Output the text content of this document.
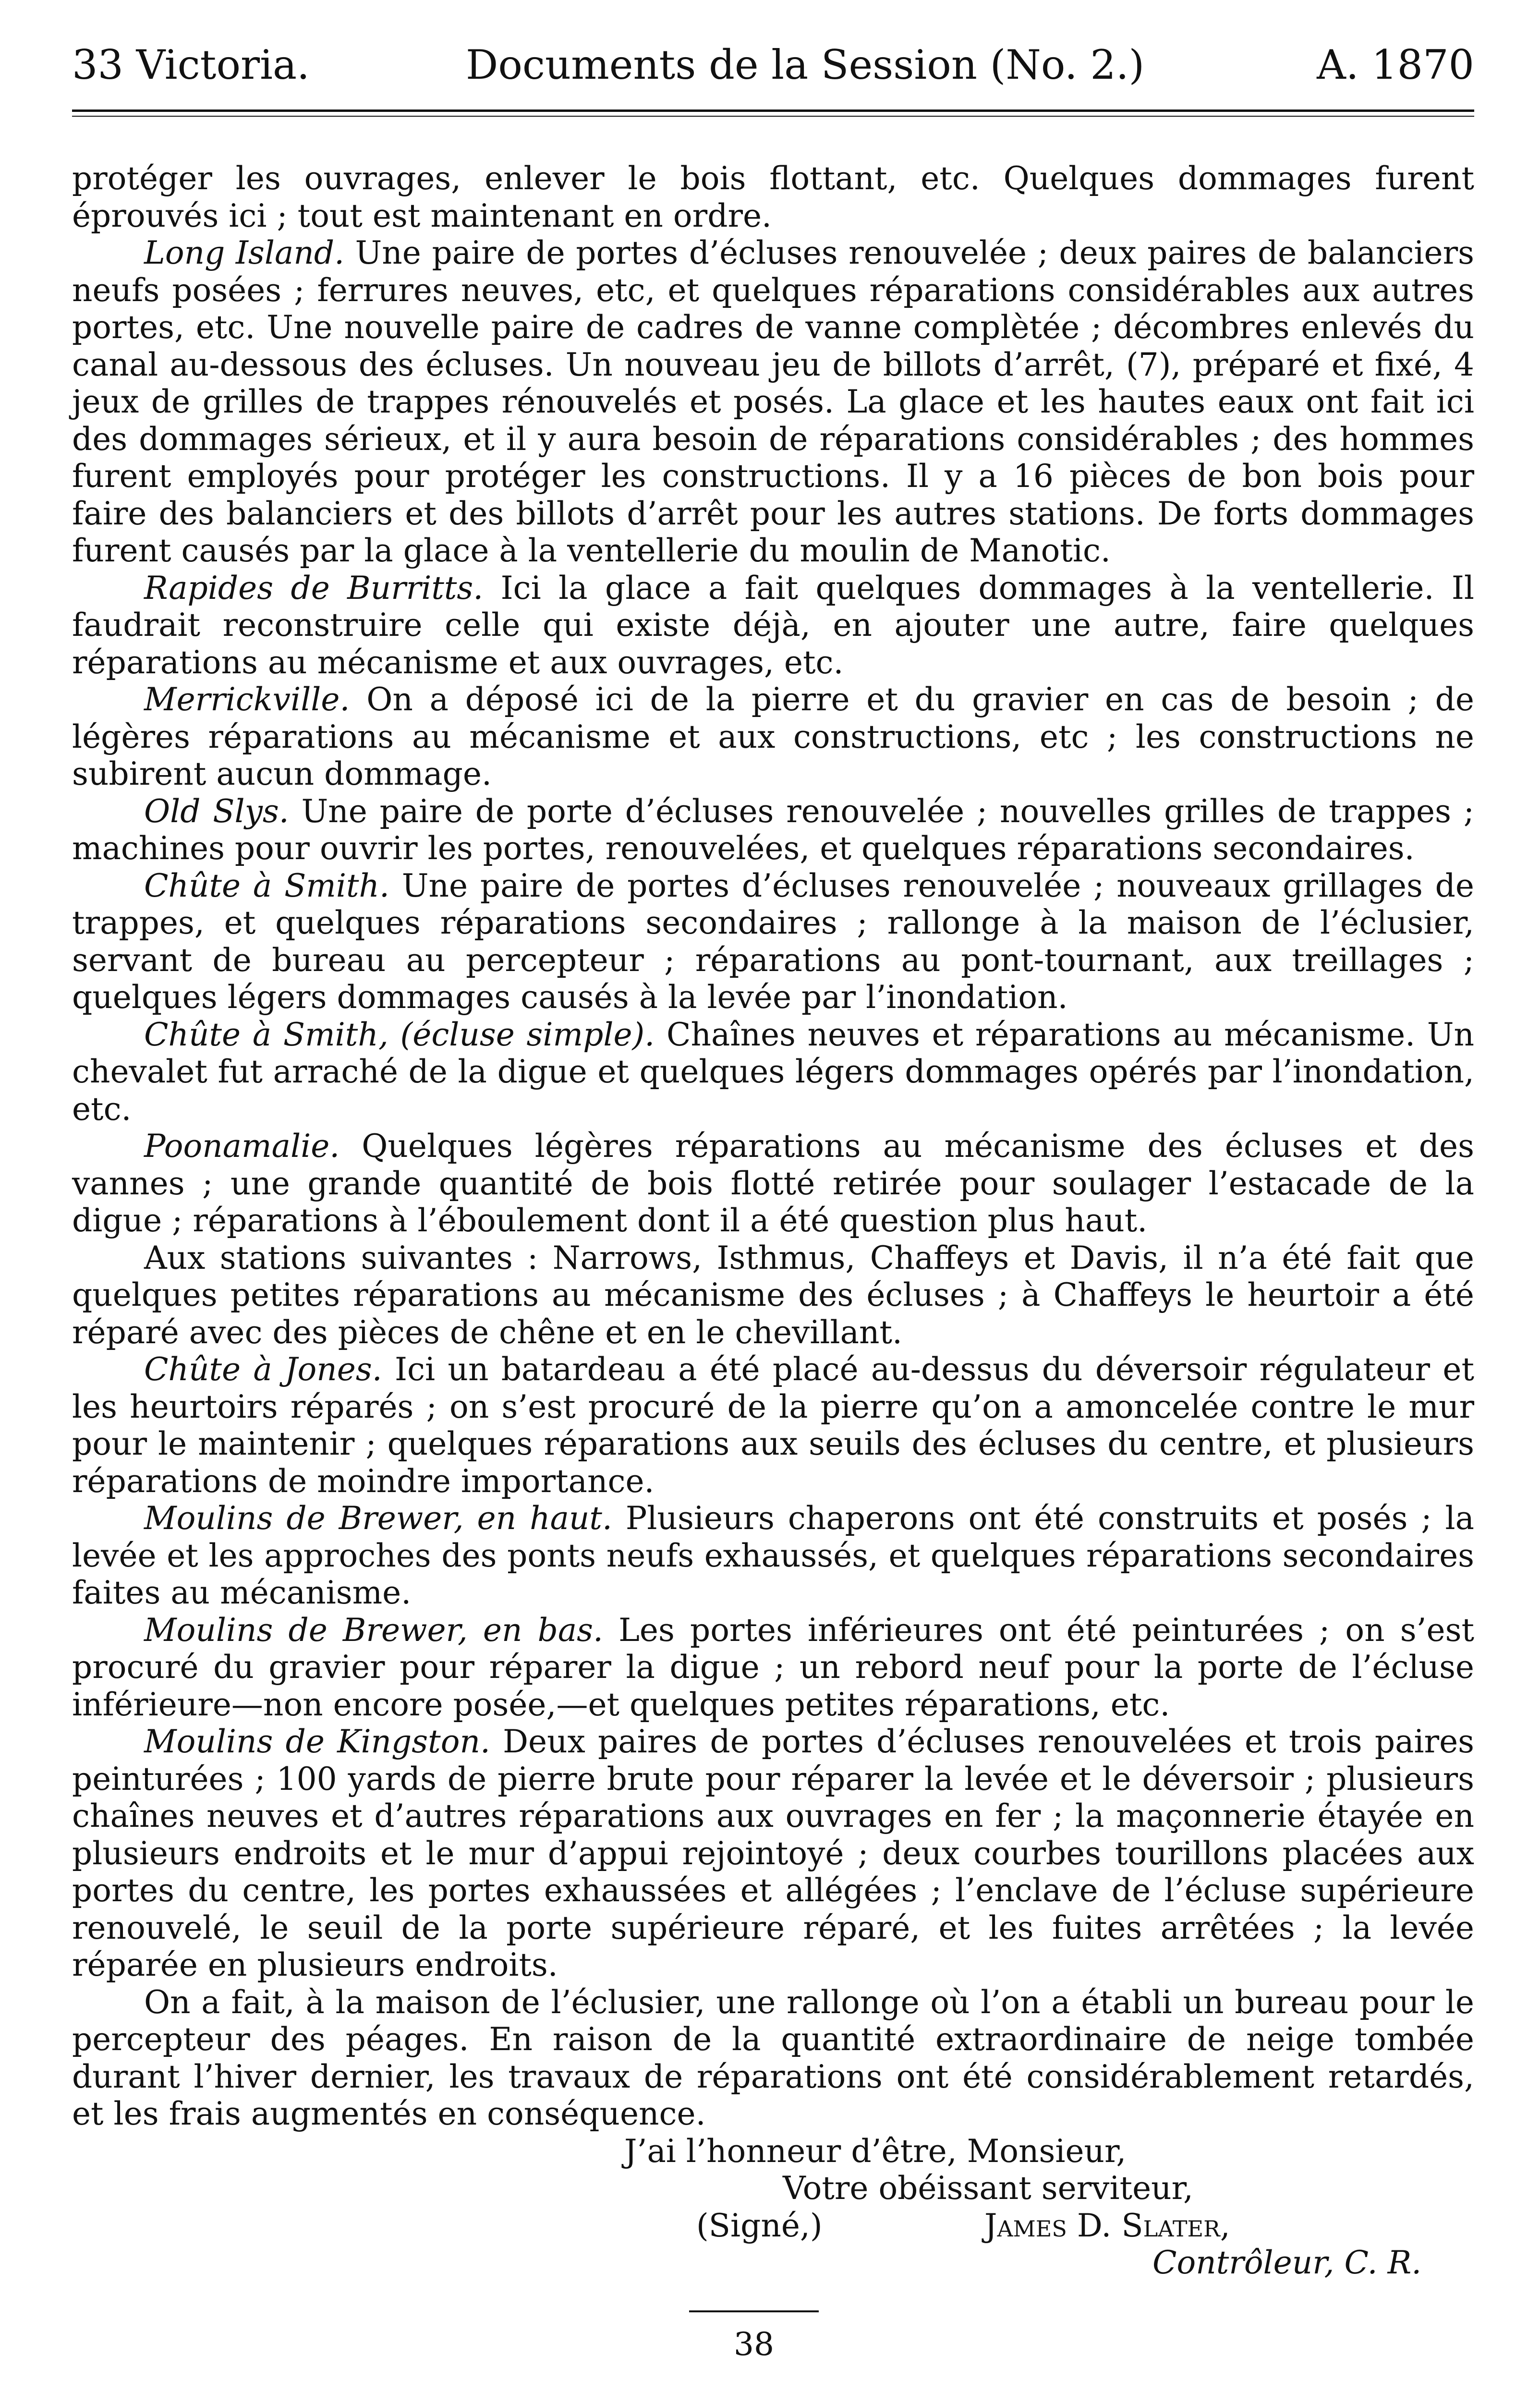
33 Victoria.	Documents de la Session (No. 2.)	A. 1870

protéger les ouvrages, enlever le bois flottant, etc. Quelques dommages furent éprouvés ici ; tout est maintenant en ordre.

Long Island. Une paire de portes d’écluses renouvelée ; deux paires de balanciers neufs posées ; ferrures neuves, etc, et quelques réparations considérables aux autres portes, etc. Une nouvelle paire de cadres de vanne complètée ; décombres enlevés du canal au-dessous des écluses. Un nouveau jeu de billots d’arrêt, (7), préparé et fixé, 4 jeux de grilles de trappes rénouvelés et posés. La glace et les hautes eaux ont fait ici des dommages sérieux, et il y aura besoin de réparations considérables ; des hommes furent employés pour protéger les constructions. Il y a 16 pièces de bon bois pour faire des balanciers et des billots d’arrêt pour les autres stations. De forts dommages furent causés par la glace à la ventellerie du moulin de Manotic.

Rapides de Burritts. Ici la glace a fait quelques dommages à la ventellerie. Il faudrait reconstruire celle qui existe déjà, en ajouter une autre, faire quelques réparations au mécanisme et aux ouvrages, etc.

Merrickville. On a déposé ici de la pierre et du gravier en cas de besoin ; de légères réparations au mécanisme et aux constructions, etc ; les constructions ne subirent aucun dommage.

Old Slys. Une paire de porte d’écluses renouvelée ; nouvelles grilles de trappes ; machines pour ouvrir les portes, renouvelées, et quelques réparations secondaires.

Chûte à Smith. Une paire de portes d’écluses renouvelée ; nouveaux grillages de trappes, et quelques réparations secondaires ; rallonge à la maison de l’éclusier, servant de bureau au percepteur ; réparations au pont-tournant, aux treillages ; quelques légers dommages causés à la levée par l’inondation.

Chûte à Smith, (écluse simple). Chaînes neuves et réparations au mécanisme. Un chevalet fut arraché de la digue et quelques légers dommages opérés par l’inondation, etc.

Poonamalie. Quelques légères réparations au mécanisme des écluses et des vannes ; une grande quantité de bois flotté retirée pour soulager l’estacade de la digue ; réparations à l’éboulement dont il a été question plus haut.

Aux stations suivantes : Narrows, Isthmus, Chaffeys et Davis, il n’a été fait que quelques petites réparations au mécanisme des écluses ; à Chaffeys le heurtoir a été réparé avec des pièces de chêne et en le chevillant.

Chûte à Jones. Ici un batardeau a été placé au-dessus du déversoir régulateur et les heurtoirs réparés ; on s’est procuré de la pierre qu’on a amoncelée contre le mur pour le maintenir ; quelques réparations aux seuils des écluses du centre, et plusieurs réparations de moindre importance.

Moulins de Brewer, en haut. Plusieurs chaperons ont été construits et posés ; la levée et les approches des ponts neufs exhaussés, et quelques réparations secondaires faites au mécanisme.

Moulins de Brewer, en bas. Les portes inférieures ont été peinturées ; on s’est procuré du gravier pour réparer la digue ; un rebord neuf pour la porte de l’écluse inférieure—non encore posée,—et quelques petites réparations, etc.

Moulins de Kingston. Deux paires de portes d’écluses renouvelées et trois paires peinturées ; 100 yards de pierre brute pour réparer la levée et le déversoir ; plusieurs chaînes neuves et d’autres réparations aux ouvrages en fer ; la maçonnerie étayée en plusieurs endroits et le mur d’appui rejointoyé ; deux courbes tourillons placées aux portes du centre, les portes exhaussées et allégées ; l’enclave de l’écluse supérieure renouvelé, le seuil de la porte supérieure réparé, et les fuites arrêtées ; la levée réparée en plusieurs endroits.

On a fait, à la maison de l’éclusier, une rallonge où l’on a établi un bureau pour le percepteur des péages. En raison de la quantité extraordinaire de neige tombée durant l’hiver dernier, les travaux de réparations ont été considérablement retardés, et les frais augmentés en conséquence.

J’ai l’honneur d’être, Monsieur,
Votre obéissant serviteur,
(Signé,)	James D. Slater,
Contrôleur, C. R.
38
